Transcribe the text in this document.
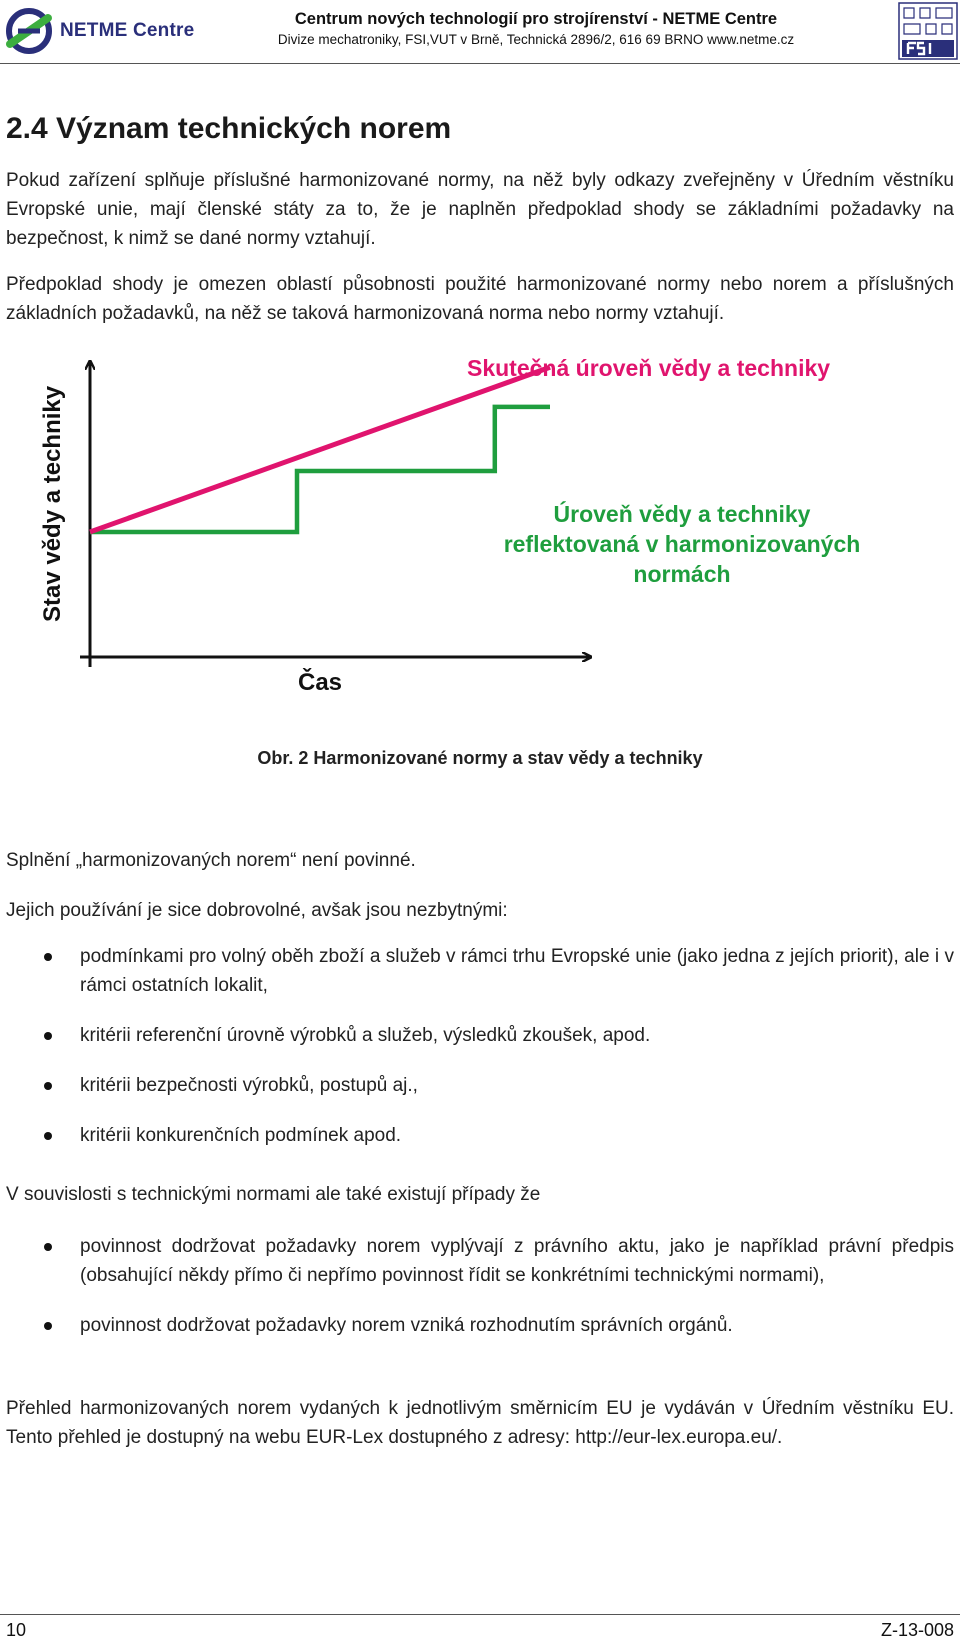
NETME Centre
Centrum nových technologií pro strojírenství - NETME Centre
Divize mechatroniky, FSI,VUT v Brně, Technická 2896/2, 616 69 BRNO www.netme.cz
2.4 Význam technických norem

Pokud zařízení splňuje příslušné harmonizované normy, na něž byly odkazy zveřejněny v Úředním věstníku Evropské unie, mají členské státy za to, že je naplněn předpoklad shody se základními požadavky na bezpečnost, k nimž se dané normy vztahují.

Předpoklad shody je omezen oblastí působnosti použité harmonizované normy nebo norem a příslušných základních požadavků, na něž se taková harmonizovaná norma nebo normy vztahují.

Stav vědy a techniky
Čas
Skutečná úroveň vědy a techniky
Úroveň vědy a techniky
reflektovaná v harmonizovaných
normách
Obr. 2 Harmonizované normy a stav vědy a techniky

Splnění „harmonizovaných norem“ není povinné.

Jejich používání je sice dobrovolné, avšak jsou nezbytnými:

podmínkami pro volný oběh zboží a služeb v rámci trhu Evropské unie (jako jedna z jejích priorit), ale i v rámci ostatních lokalit,
kritérii referenční úrovně výrobků a služeb, výsledků zkoušek, apod.
kritérii bezpečnosti výrobků, postupů aj.,
kritérii konkurenčních podmínek apod.

V souvislosti s technickými normami ale také existují případy že

povinnost dodržovat požadavky norem vyplývají z právního aktu, jako je například právní předpis (obsahující někdy přímo či nepřímo povinnost řídit se konkrétními technickými normami),
povinnost dodržovat požadavky norem vzniká rozhodnutím správních orgánů.

Přehled harmonizovaných norem vydaných k jednotlivým směrnicím EU je vydáván v Úředním věstníku EU. Tento přehled je dostupný na webu EUR-Lex dostupného z adresy: http://eur-lex.europa.eu/.

10	Z-13-008
